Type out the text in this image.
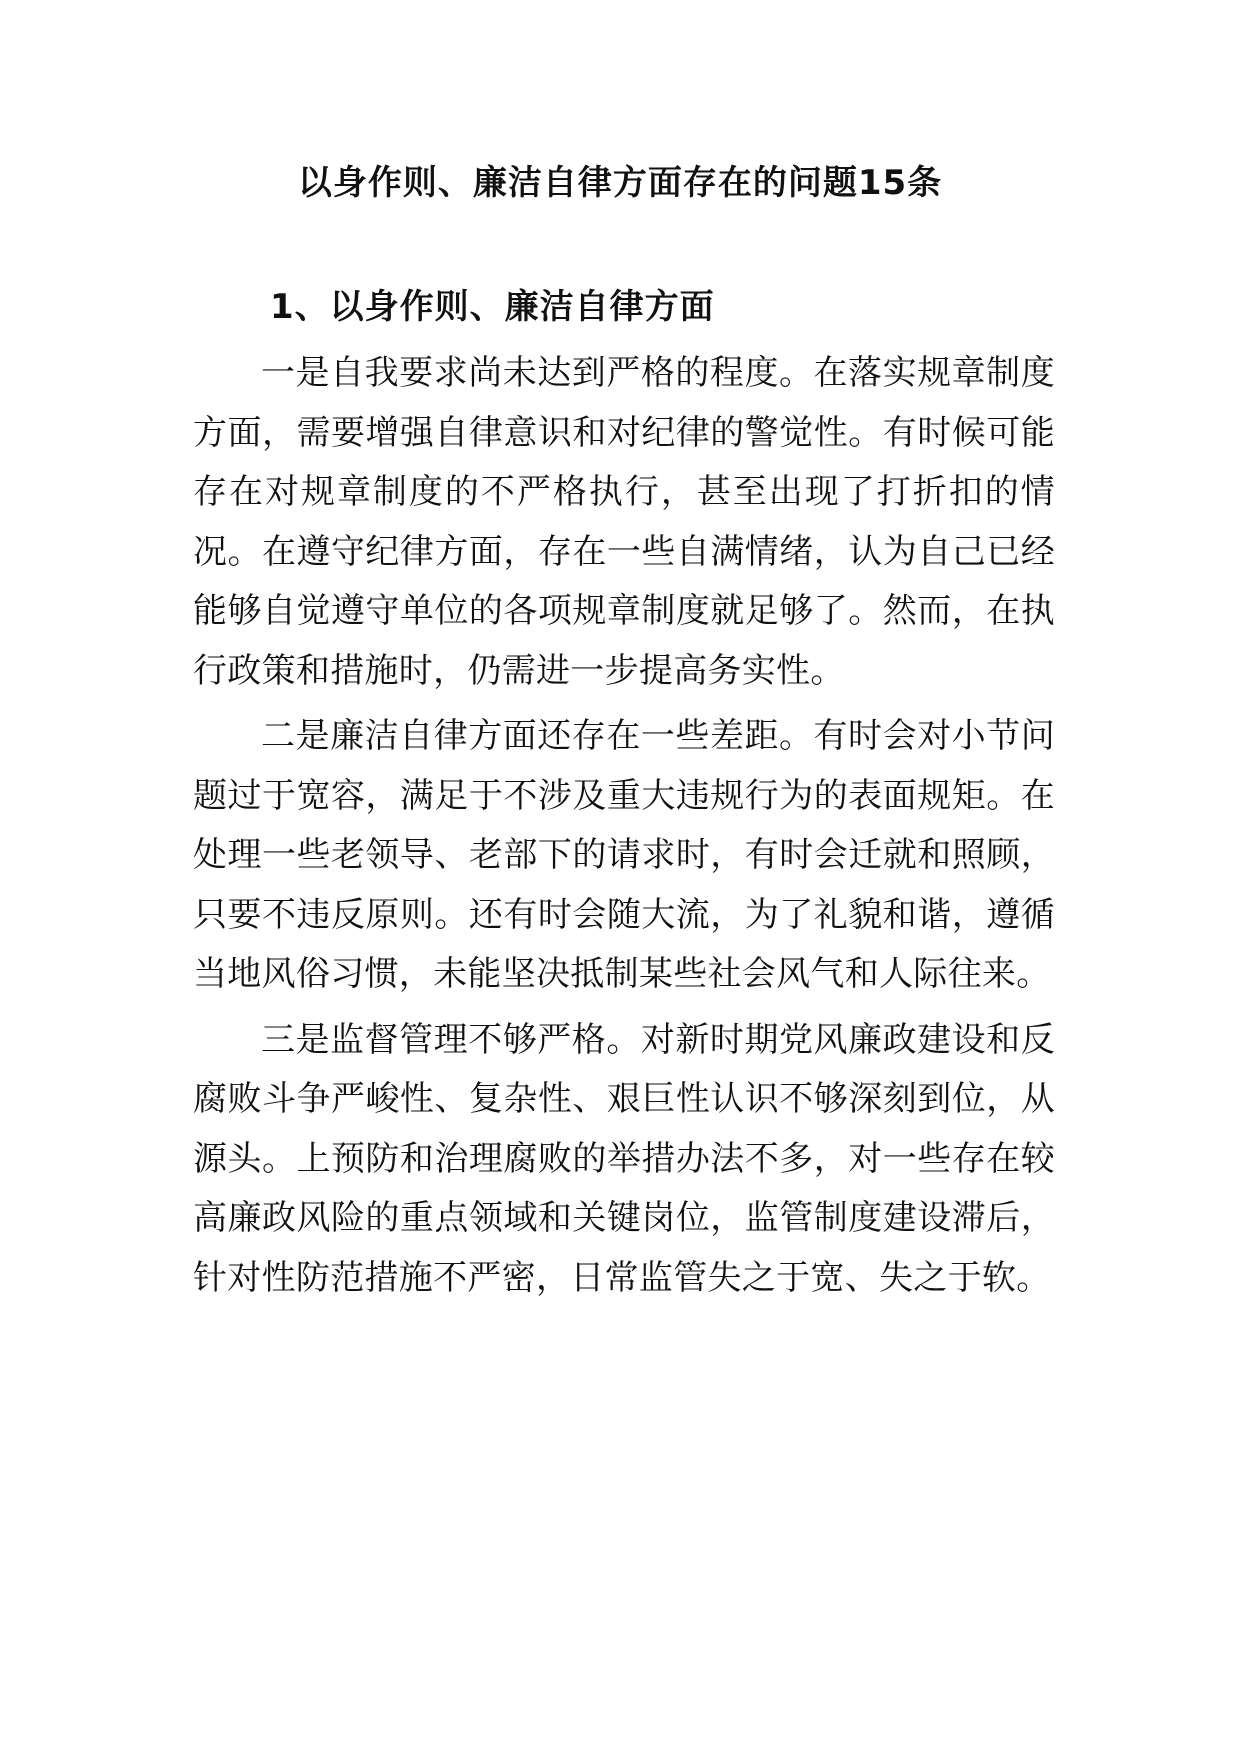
以身作则、廉洁自律方面存在的问题15条
1、以身作则、廉洁自律方面

一是自我要求尚未达到严格的程度。在落实规章制度方面，需要增强自律意识和对纪律的警觉性。有时候可能存在对规章制度的不严格执行，甚至出现了打折扣的情况。在遵守纪律方面，存在一些自满情绪，认为自己已经能够自觉遵守单位的各项规章制度就足够了。然而，在执行政策和措施时，仍需进一步提高务实性。

二是廉洁自律方面还存在一些差距。有时会对小节问题过于宽容，满足于不涉及重大违规行为的表面规矩。在处理一些老领导、老部下的请求时，有时会迁就和照顾，只要不违反原则。还有时会随大流，为了礼貌和谐，遵循当地风俗习惯，未能坚决抵制某些社会风气和人际往来。

三是监督管理不够严格。对新时期党风廉政建设和反腐败斗争严峻性、复杂性、艰巨性认识不够深刻到位，从源头。上预防和治理腐败的举措办法不多，对一些存在较高廉政风险的重点领域和关键岗位，监管制度建设滞后，针对性防范措施不严密，日常监管失之于宽、失之于软。
